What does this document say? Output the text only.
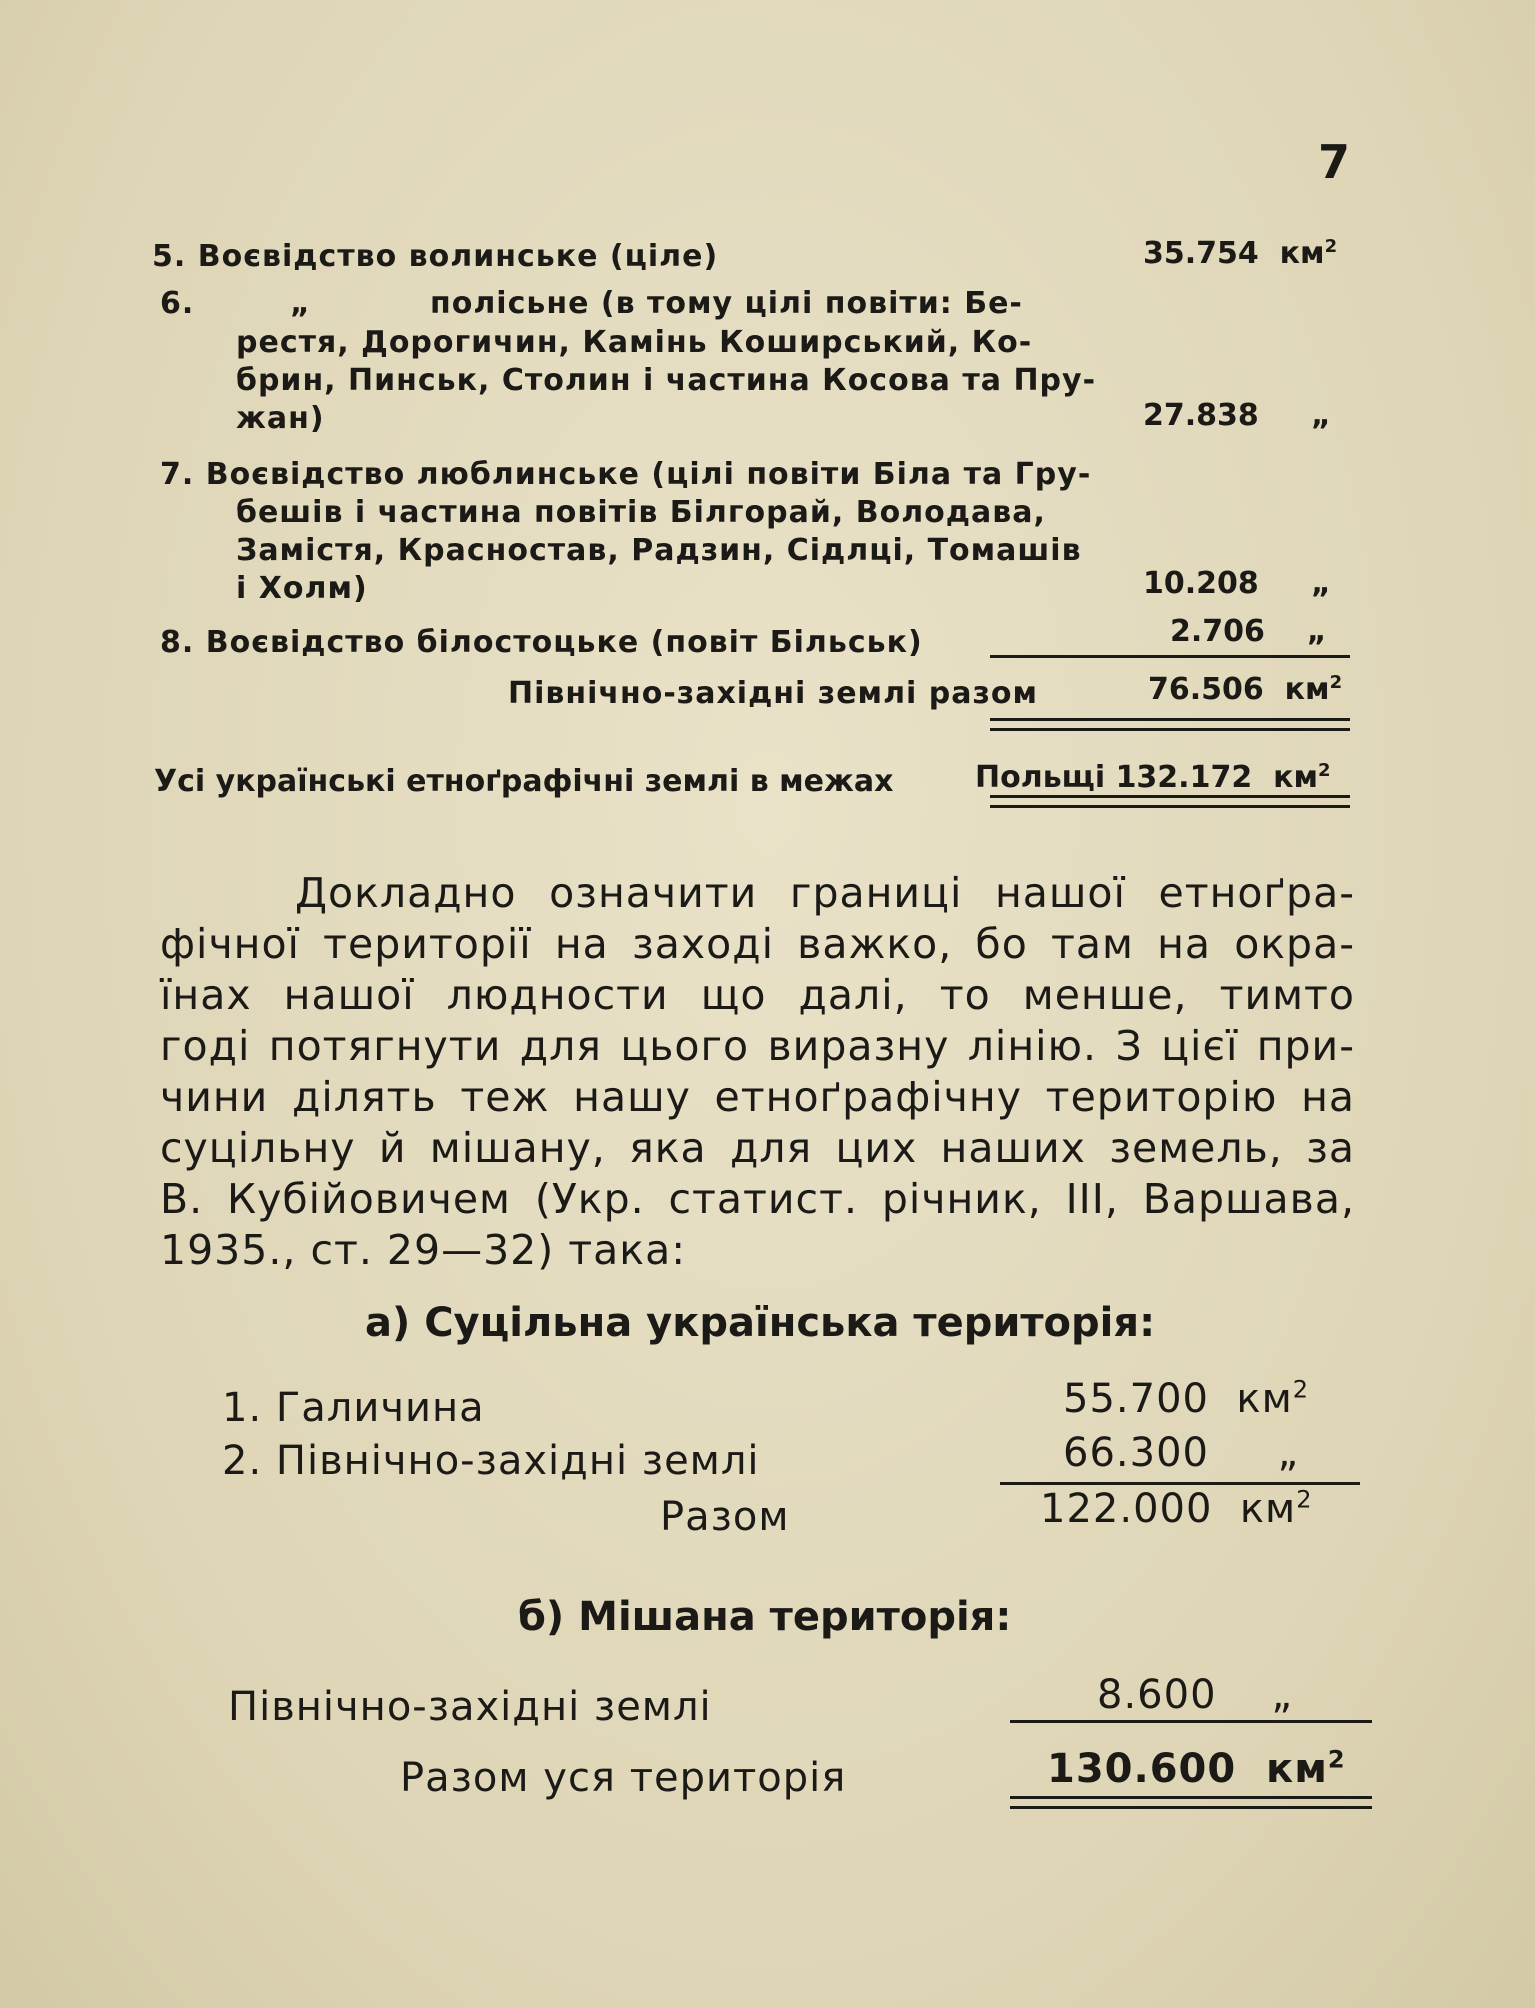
7
5. Воєвідство волинське (ціле)	35.754 $км^2$
6.	„	полісьне (в тому цілі повіти: Бе-
рестя, Дорогичин, Камінь Коширський, Ко-
брин, Пинськ, Столин і частина Косова та Пру-
жан)	27.838 „
7. Воєвідство люблинське (цілі повіти Біла та Гру-
бешів і частина повітів Білгорай, Володава,
Замістя, Красностав, Радзин, Сідлці, Томашів
і Холм)	10.208 „
8. Воєвідство білостоцьке (повіт Більськ)	2.706 „
Північно-західні землі разом	76.506 $км^2$
Усі українські етноґрафічні землі в межах	Польщі 132.172 $км^2$
Докладно означити границі нашої етноґра-
фічної території на заході важко, бо там на окра-
їнах нашої людности що далі, то менше, тимто
годі потягнути для цього виразну лінію. З цієї при-
чини ділять теж нашу етноґрафічну територію на
суцільну й мішану, яка для цих наших земель, за
В. Кубійовичем (Укр. статист. річник, III, Варшава,
1935., ст. 29—32) така:
а) Суцільна українська територія:
1. Галичина	55.700 $км^2$
2. Північно-західні землі	66.300 „
Разом	122.000 $км^2$
б) Мішана територія:
Північно-західні землі	8.600 „
Разом уся територія	130.600 $км^2$
